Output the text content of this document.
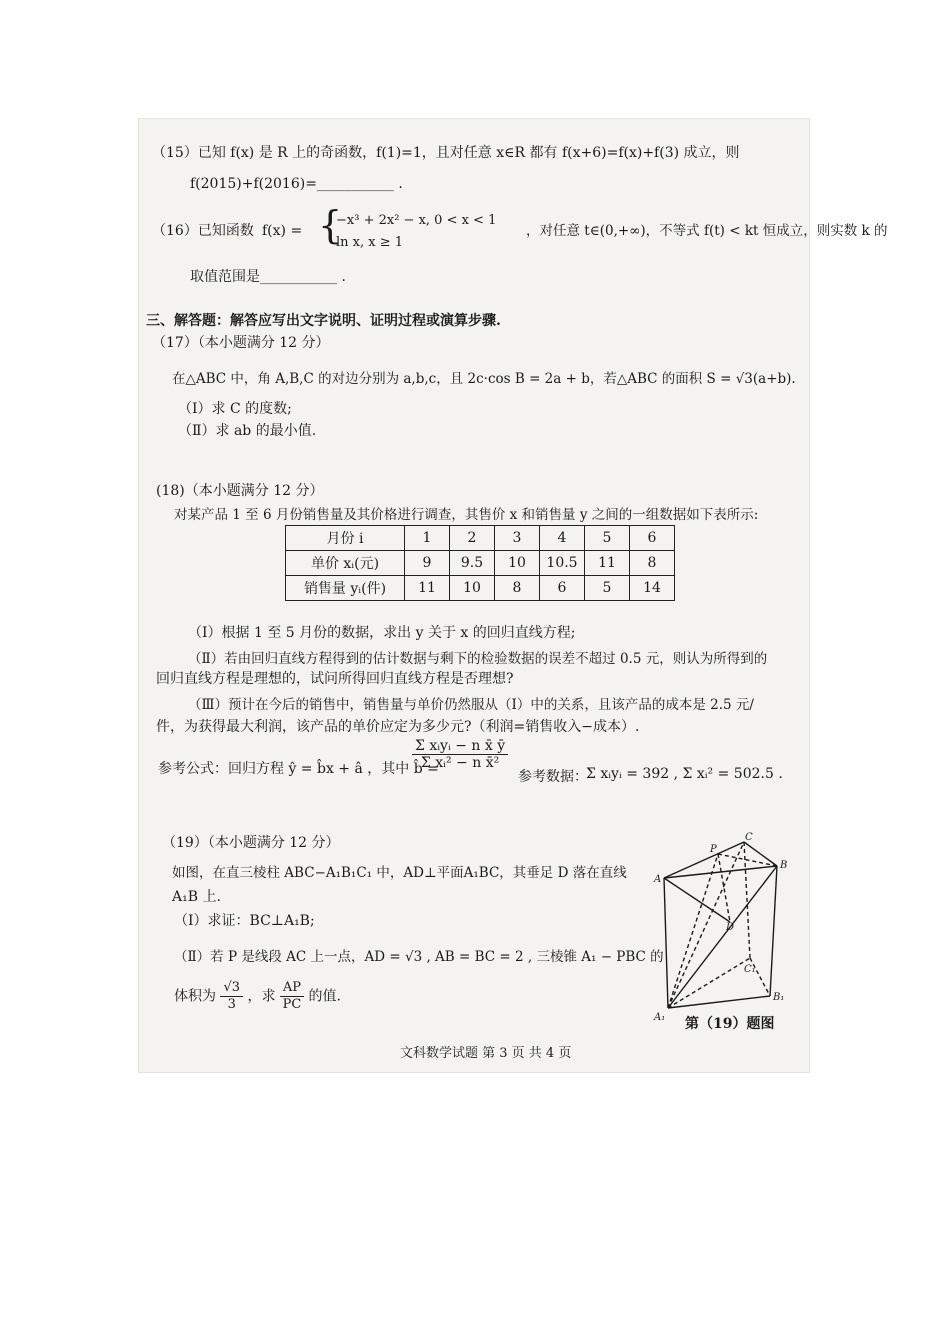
（15）已知 f(x) 是 R 上的奇函数，f(1)=1，且对任意 x∈R 都有 f(x+6)=f(x)+f(3) 成立，则
f(2015)+f(2016)=___________ .
（16）已知函数 f(x) = {
−x³ + 2x² − x, 0 < x < 1
ln x, x ≥ 1
，对任意 t∈(0,+∞)，不等式 f(t) < kt 恒成立，则实数 k 的
取值范围是___________ .
三、解答题：解答应写出文字说明、证明过程或演算步骤.
（17）（本小题满分 12 分）
在△ABC 中，角 A,B,C 的对边分别为 a,b,c，且 2c·cos B = 2a + b，若△ABC 的面积 S = √3(a+b).
（Ⅰ）求 C 的度数;
（Ⅱ）求 ab 的最小值.
(18)（本小题满分 12 分）
对某产品 1 至 6 月份销售量及其价格进行调查，其售价 x 和销售量 y 之间的一组数据如下表所示:
月份 i	1	2	3	4	5	6
单价 xᵢ(元)	9	9.5	10	10.5	11	8
销售量 yᵢ(件)	11	10	8	6	5	14
（Ⅰ）根据 1 至 5 月份的数据，求出 y 关于 x 的回归直线方程;
（Ⅱ）若由回归直线方程得到的估计数据与剩下的检验数据的误差不超过 0.5 元，则认为所得到的
回归直线方程是理想的，试问所得回归直线方程是否理想?
（Ⅲ）预计在今后的销售中，销售量与单价仍然服从（Ⅰ）中的关系，且该产品的成本是 2.5 元/
件，为获得最大利润，该产品的单价应定为多少元?（利润=销售收入−成本）.
参考公式：回归方程 ŷ = b̂x + â ，其中 b̂ =
$\frac{\text{Σ xᵢyᵢ − n x̄ ȳ}}{\text{Σ xᵢ² − n x̄²}}$
参考数据：
Σ xᵢyᵢ = 392 , Σ xᵢ² = 502.5 .
（19）（本小题满分 12 分）
如图，在直三棱柱 ABC−A₁B₁C₁ 中，AD⊥平面A₁BC，其垂足 D 落在直线
A₁B 上.
（Ⅰ）求证：BC⊥A₁B;
（Ⅱ）若 P 是线段 AC 上一点，AD = √3 , AB = BC = 2 , 三棱锥 A₁ − PBC 的
体积为 $\frac{√3}{3}$ ，求 $\frac{AP}{PC}$ 的值.
A
B
C
P
D
A₁
B₁
C₁
第（19）题图
文科数学试题 第 3 页 共 4 页
